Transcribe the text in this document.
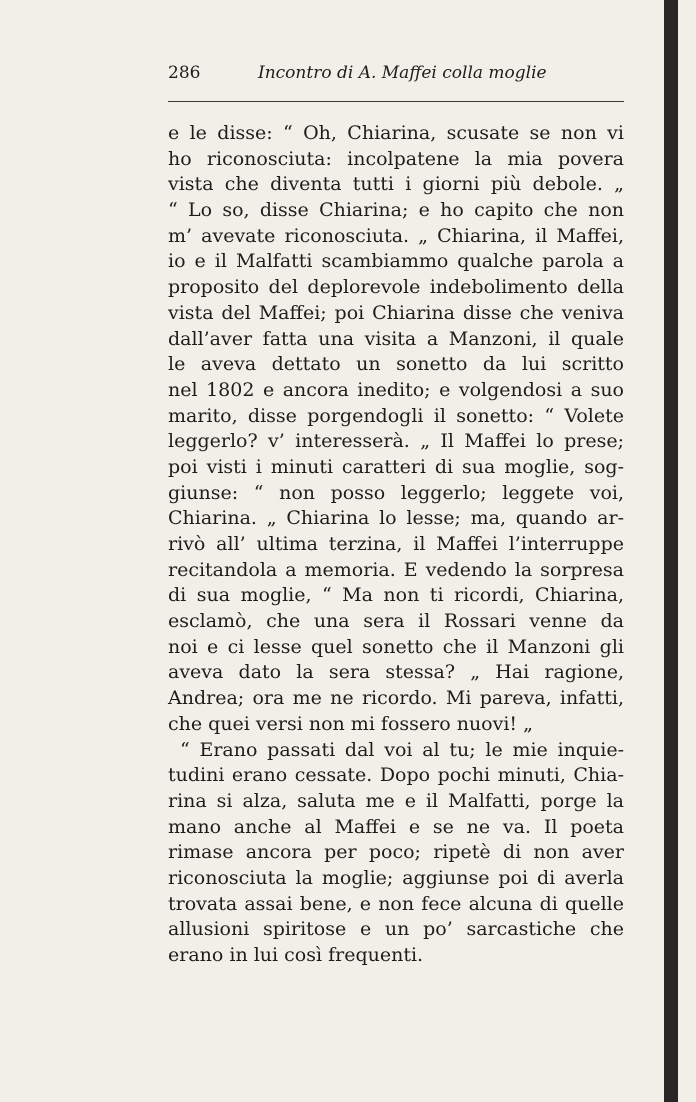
286	Incontro di A. Maffei colla moglie
e le disse: “ Oh, Chiarina, scusate se non vi
ho riconosciuta: incolpatene la mia povera
vista che diventa tutti i giorni più debole. „
“ Lo so, disse Chiarina; e ho capito che non
m’ avevate riconosciuta. „ Chiarina, il Maffei,
io e il Malfatti scambiammo qualche parola a
proposito del deplorevole indebolimento della
vista del Maffei; poi Chiarina disse che veniva
dall’aver fatta una visita a Manzoni, il quale
le aveva dettato un sonetto da lui scritto
nel 1802 e ancora inedito; e volgendosi a suo
marito, disse porgendogli il sonetto: “ Volete
leggerlo? v’ interesserà. „ Il Maffei lo prese;
poi visti i minuti caratteri di sua moglie, sog-
giunse: “ non posso leggerlo; leggete voi,
Chiarina. „ Chiarina lo lesse; ma, quando ar-
rivò all’ ultima terzina, il Maffei l’interruppe
recitandola a memoria. E vedendo la sorpresa
di sua moglie, “ Ma non ti ricordi, Chiarina,
esclamò, che una sera il Rossari venne da
noi e ci lesse quel sonetto che il Manzoni gli
aveva dato la sera stessa? „ Hai ragione,
Andrea; ora me ne ricordo. Mi pareva, infatti,
che quei versi non mi fossero nuovi! „
“ Erano passati dal voi al tu; le mie inquie-
tudini erano cessate. Dopo pochi minuti, Chia-
rina si alza, saluta me e il Malfatti, porge la
mano anche al Maffei e se ne va. Il poeta
rimase ancora per poco; ripetè di non aver
riconosciuta la moglie; aggiunse poi di averla
trovata assai bene, e non fece alcuna di quelle
allusioni spiritose e un po’ sarcastiche che
erano in lui così frequenti.
